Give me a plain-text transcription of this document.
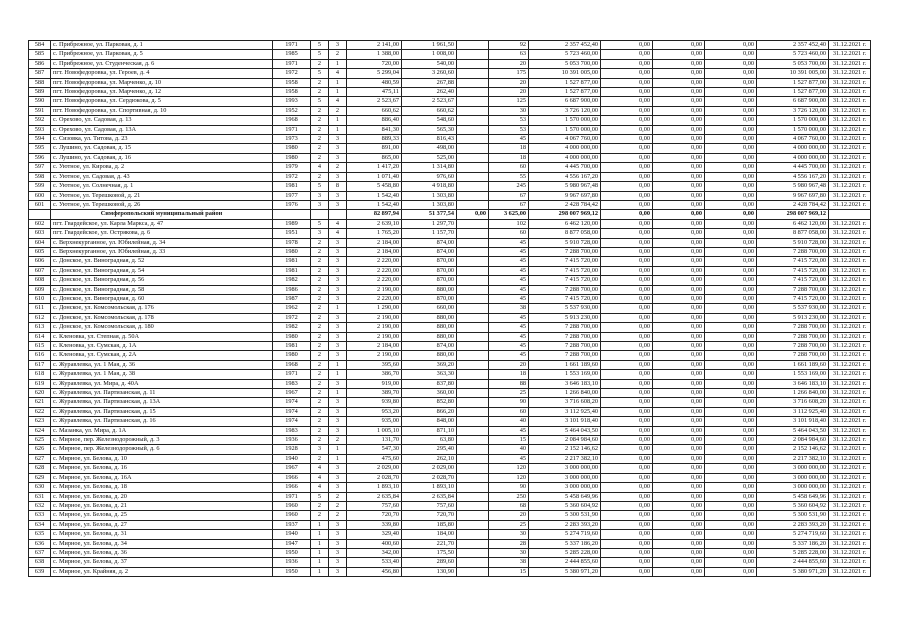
584	с. Прибрежное, ул. Парковая, д. 1	1971	5	3	2 141,00	1 961,50		92	2 357 452,40	0,00	0,00	0,00	2 357 452,40	31.12.2021 г.
585	с. Прибрежное, ул. Парковая, д. 5	1985	5	2	1 388,00	1 008,00		63	5 723 460,00	0,00	0,00	0,00	5 723 460,00	31.12.2021 г.
586	с. Прибрежное, ул. Студенческая, д. 6	1971	2	1	720,00	540,00		20	5 053 700,00	0,00	0,00	0,00	5 053 700,00	31.12.2021 г.
587	пгт. Новофедоровка, ул. Героев, д. 4	1972	5	4	5 299,04	3 260,60		175	10 391 005,00	0,00	0,00	0,00	10 391 005,00	31.12.2021 г.
588	пгт. Новофедоровка, ул. Марченко, д. 10	1958	2	1	480,59	267,88		20	1 527 877,00	0,00	0,00	0,00	1 527 877,00	31.12.2021 г.
589	пгт. Новофедоровка, ул. Марченко, д. 12	1958	2	1	475,11	262,40		20	1 527 877,00	0,00	0,00	0,00	1 527 877,00	31.12.2021 г.
590	пгт. Новофедоровка, ул. Сердюкова, д. 5	1993	5	4	2 523,67	2 523,67		125	6 687 900,00	0,00	0,00	0,00	6 687 900,00	31.12.2021 г.
591	пгт. Новофедоровка, ул. Спортивная, д. 10	1952	2	2	660,62	660,62		30	3 726 120,00	0,00	0,00	0,00	3 726 120,00	31.12.2021 г.
592	с. Орехово, ул. Садовая, д. 13	1968	2	1	886,40	548,60		53	1 570 000,00	0,00	0,00	0,00	1 570 000,00	31.12.2021 г.
593	с. Орехово, ул. Садовая, д. 13А	1971	2	1	841,30	565,30		53	1 570 000,00	0,00	0,00	0,00	1 570 000,00	31.12.2021 г.
594	с. Сизовка, ул. Титова, д. 23	1973	2	3	889,33	816,43		45	4 067 760,00	0,00	0,00	0,00	4 067 760,00	31.12.2021 г.
595	с. Лушино, ул. Садовая, д. 15	1980	2	3	891,00	498,00		18	4 000 000,00	0,00	0,00	0,00	4 000 000,00	31.12.2021 г.
596	с. Лушино, ул. Садовая, д. 16	1980	2	3	865,00	525,00		18	4 000 000,00	0,00	0,00	0,00	4 000 000,00	31.12.2021 г.
597	с. Уютное, ул. Кирова, д. 2	1979	4	2	1 417,20	1 314,80		60	4 445 700,00	0,00	0,00	0,00	4 445 700,00	31.12.2021 г.
598	с. Уютное, ул. Садовая, д. 43	1972	2	3	1 071,40	976,60		55	4 556 167,20	0,00	0,00	0,00	4 556 167,20	31.12.2021 г.
599	с. Уютное, ул. Солнечная, д. 1	1981	5	8	5 458,80	4 918,80		245	5 980 967,48	0,00	0,00	0,00	5 980 967,48	31.12.2021 г.
600	с. Уютное, ул. Терешковой, д. 21	1977	3	3	1 542,40	1 303,80		67	9 967 697,80	0,00	0,00	0,00	9 967 697,80	31.12.2021 г.
601	с. Уютное, ул. Терешковой, д. 26	1976	3	3	1 542,40	1 303,80		67	2 428 784,42	0,00	0,00	0,00	2 428 784,42	31.12.2021 г.
	Симферопольский муниципальный район				82 897,94	51 377,54	0,00	3 625,00	298 007 969,12	0,00	0,00	0,00	298 007 969,12	
602	пгт. Гвардейское, ул. Карла Маркса, д. 47	1989	5	4	2 639,10	1 297,70		102	6 462 120,00	0,00	0,00	0,00	6 462 120,00	31.12.2021 г.
603	пгт. Гвардейское, ул. Острякова, д. 6	1951	3	4	1 765,20	1 157,70		60	8 877 058,00	0,00	0,00	0,00	8 877 058,00	31.12.2021 г.
604	с. Верхнекурганное, ул. Юбилейная, д. 34	1978	2	3	2 184,00	874,00		45	5 910 728,00	0,00	0,00	0,00	5 910 728,00	31.12.2021 г.
605	с. Верхнекурганное, ул. Юбилейная, д. 33	1980	2	3	2 184,00	874,00		45	7 288 700,00	0,00	0,00	0,00	7 288 700,00	31.12.2021 г.
606	с. Донское, ул. Виноградная, д. 52	1981	2	3	2 220,00	870,00		45	7 415 720,00	0,00	0,00	0,00	7 415 720,00	31.12.2021 г.
607	с. Донское, ул. Виноградная, д. 54	1981	2	3	2 220,00	870,00		45	7 415 720,00	0,00	0,00	0,00	7 415 720,00	31.12.2021 г.
608	с. Донское, ул. Виноградная, д. 56	1982	2	3	2 220,00	870,00		45	7 415 720,00	0,00	0,00	0,00	7 415 720,00	31.12.2021 г.
609	с. Донское, ул. Виноградная, д. 58	1986	2	3	2 190,00	880,00		45	7 288 700,00	0,00	0,00	0,00	7 288 700,00	31.12.2021 г.
610	с. Донское, ул. Виноградная, д. 60	1987	2	3	2 220,00	870,00		45	7 415 720,00	0,00	0,00	0,00	7 415 720,00	31.12.2021 г.
611	с. Донское, ул. Комсомольская, д. 176	1962	2	1	1 290,00	660,00		38	5 537 930,00	0,00	0,00	0,00	5 537 930,00	31.12.2021 г.
612	с. Донское, ул. Комсомольская, д. 178	1972	2	3	2 190,00	880,00		45	5 913 230,00	0,00	0,00	0,00	5 913 230,00	31.12.2021 г.
613	с. Донское, ул. Комсомольская, д. 180	1982	2	3	2 190,00	880,00		45	7 288 700,00	0,00	0,00	0,00	7 288 700,00	31.12.2021 г.
614	с. Кленовка, ул. Степная, д. 50А	1980	2	3	2 190,00	880,00		45	7 288 700,00	0,00	0,00	0,00	7 288 700,00	31.12.2021 г.
615	с. Кленовка, ул. Сумская, д. 1А	1981	2	3	2 184,00	874,00		45	7 288 700,00	0,00	0,00	0,00	7 288 700,00	31.12.2021 г.
616	с. Кленовка, ул. Сумская, д. 2А	1980	2	3	2 190,00	880,00		45	7 288 700,00	0,00	0,00	0,00	7 288 700,00	31.12.2021 г.
617	с. Журавлевка, ул. 1 Мая, д. 36	1968	2	1	395,60	369,20		20	1 661 189,60	0,00	0,00	0,00	1 661 189,60	31.12.2021 г.
618	с. Журавлевка, ул. 1 Мая, д. 38	1971	2	1	386,70	363,30		18	1 553 169,00	0,00	0,00	0,00	1 553 169,00	31.12.2021 г.
619	с. Журавлевка, ул. Мира, д. 40А	1983	2	3	919,00	837,80		88	3 646 183,10	0,00	0,00	0,00	3 646 183,10	31.12.2021 г.
620	с. Журавлевка, ул. Партизанская, д. 11	1967	2	1	389,70	360,00		25	1 266 840,00	0,00	0,00	0,00	1 266 840,00	31.12.2021 г.
621	с. Журавлевка, ул. Партизанская, д. 13А	1974	2	3	939,80	852,80		90	3 716 608,20	0,00	0,00	0,00	3 716 608,20	31.12.2021 г.
622	с. Журавлевка, ул. Партизанская, д. 15	1974	2	3	953,20	866,20		60	3 112 925,40	0,00	0,00	0,00	3 112 925,40	31.12.2021 г.
623	с. Журавлевка, ул. Партизанская, д. 16	1974	2	3	935,00	848,00		40	3 101 918,40	0,00	0,00	0,00	3 101 918,40	31.12.2021 г.
624	с. Мазанка, ул. Мира, д. 1А	1983	2	3	1 005,10	871,10		45	5 464 043,50	0,00	0,00	0,00	5 464 043,50	31.12.2021 г.
625	с. Мирное, пер. Железнодорожный, д. 3	1936	2	2	131,70	63,80		15	2 084 984,60	0,00	0,00	0,00	2 084 984,60	31.12.2021 г.
626	с. Мирное, пер. Железнодорожный, д. 6	1928	3	1	547,30	295,40		40	2 152 146,62	0,00	0,00	0,00	2 152 146,62	31.12.2021 г.
627	с. Мирное, ул. Белова, д. 10	1940	2	1	475,60	262,10		45	2 217 382,10	0,00	0,00	0,00	2 217 382,10	31.12.2021 г.
628	с. Мирное, ул. Белова, д. 16	1967	4	3	2 029,00	2 029,00		120	3 000 000,00	0,00	0,00	0,00	3 000 000,00	31.12.2021 г.
629	с. Мирное, ул. Белова, д. 16А	1966	4	3	2 028,70	2 028,70		120	3 000 000,00	0,00	0,00	0,00	3 000 000,00	31.12.2021 г.
630	с. Мирное, ул. Белова, д. 18	1966	4	3	1 893,10	1 893,10		90	3 000 000,00	0,00	0,00	0,00	3 000 000,00	31.12.2021 г.
631	с. Мирное, ул. Белова, д. 20	1971	5	2	2 635,84	2 635,84		250	5 458 649,96	0,00	0,00	0,00	5 458 649,96	31.12.2021 г.
632	с. Мирное, ул. Белова, д. 21	1960	2	2	757,60	757,60		68	5 360 604,92	0,00	0,00	0,00	5 360 604,92	31.12.2021 г.
633	с. Мирное, ул. Белова, д. 25	1960	2	2	720,70	720,70		20	5 300 531,90	0,00	0,00	0,00	5 300 531,90	31.12.2021 г.
634	с. Мирное, ул. Белова, д. 27	1937	1	3	339,80	185,80		25	2 283 393,20	0,00	0,00	0,00	2 283 393,20	31.12.2021 г.
635	с. Мирное, ул. Белова, д. 31	1940	1	3	329,40	184,00		30	5 274 719,60	0,00	0,00	0,00	5 274 719,60	31.12.2021 г.
636	с. Мирное, ул. Белова, д. 34	1947	1	3	400,60	221,70		28	5 337 186,20	0,00	0,00	0,00	5 337 186,20	31.12.2021 г.
637	с. Мирное, ул. Белова, д. 36	1950	1	3	342,00	175,50		30	5 285 228,00	0,00	0,00	0,00	5 285 228,00	31.12.2021 г.
638	с. Мирное, ул. Белова, д. 37	1936	1	3	533,40	289,60		38	2 444 855,60	0,00	0,00	0,00	2 444 855,60	31.12.2021 г.
639	с. Мирное, ул. Крайняя, д. 2	1950	1	3	456,80	130,90		15	5 380 971,20	0,00	0,00	0,00	5 380 971,20	31.12.2021 г.
